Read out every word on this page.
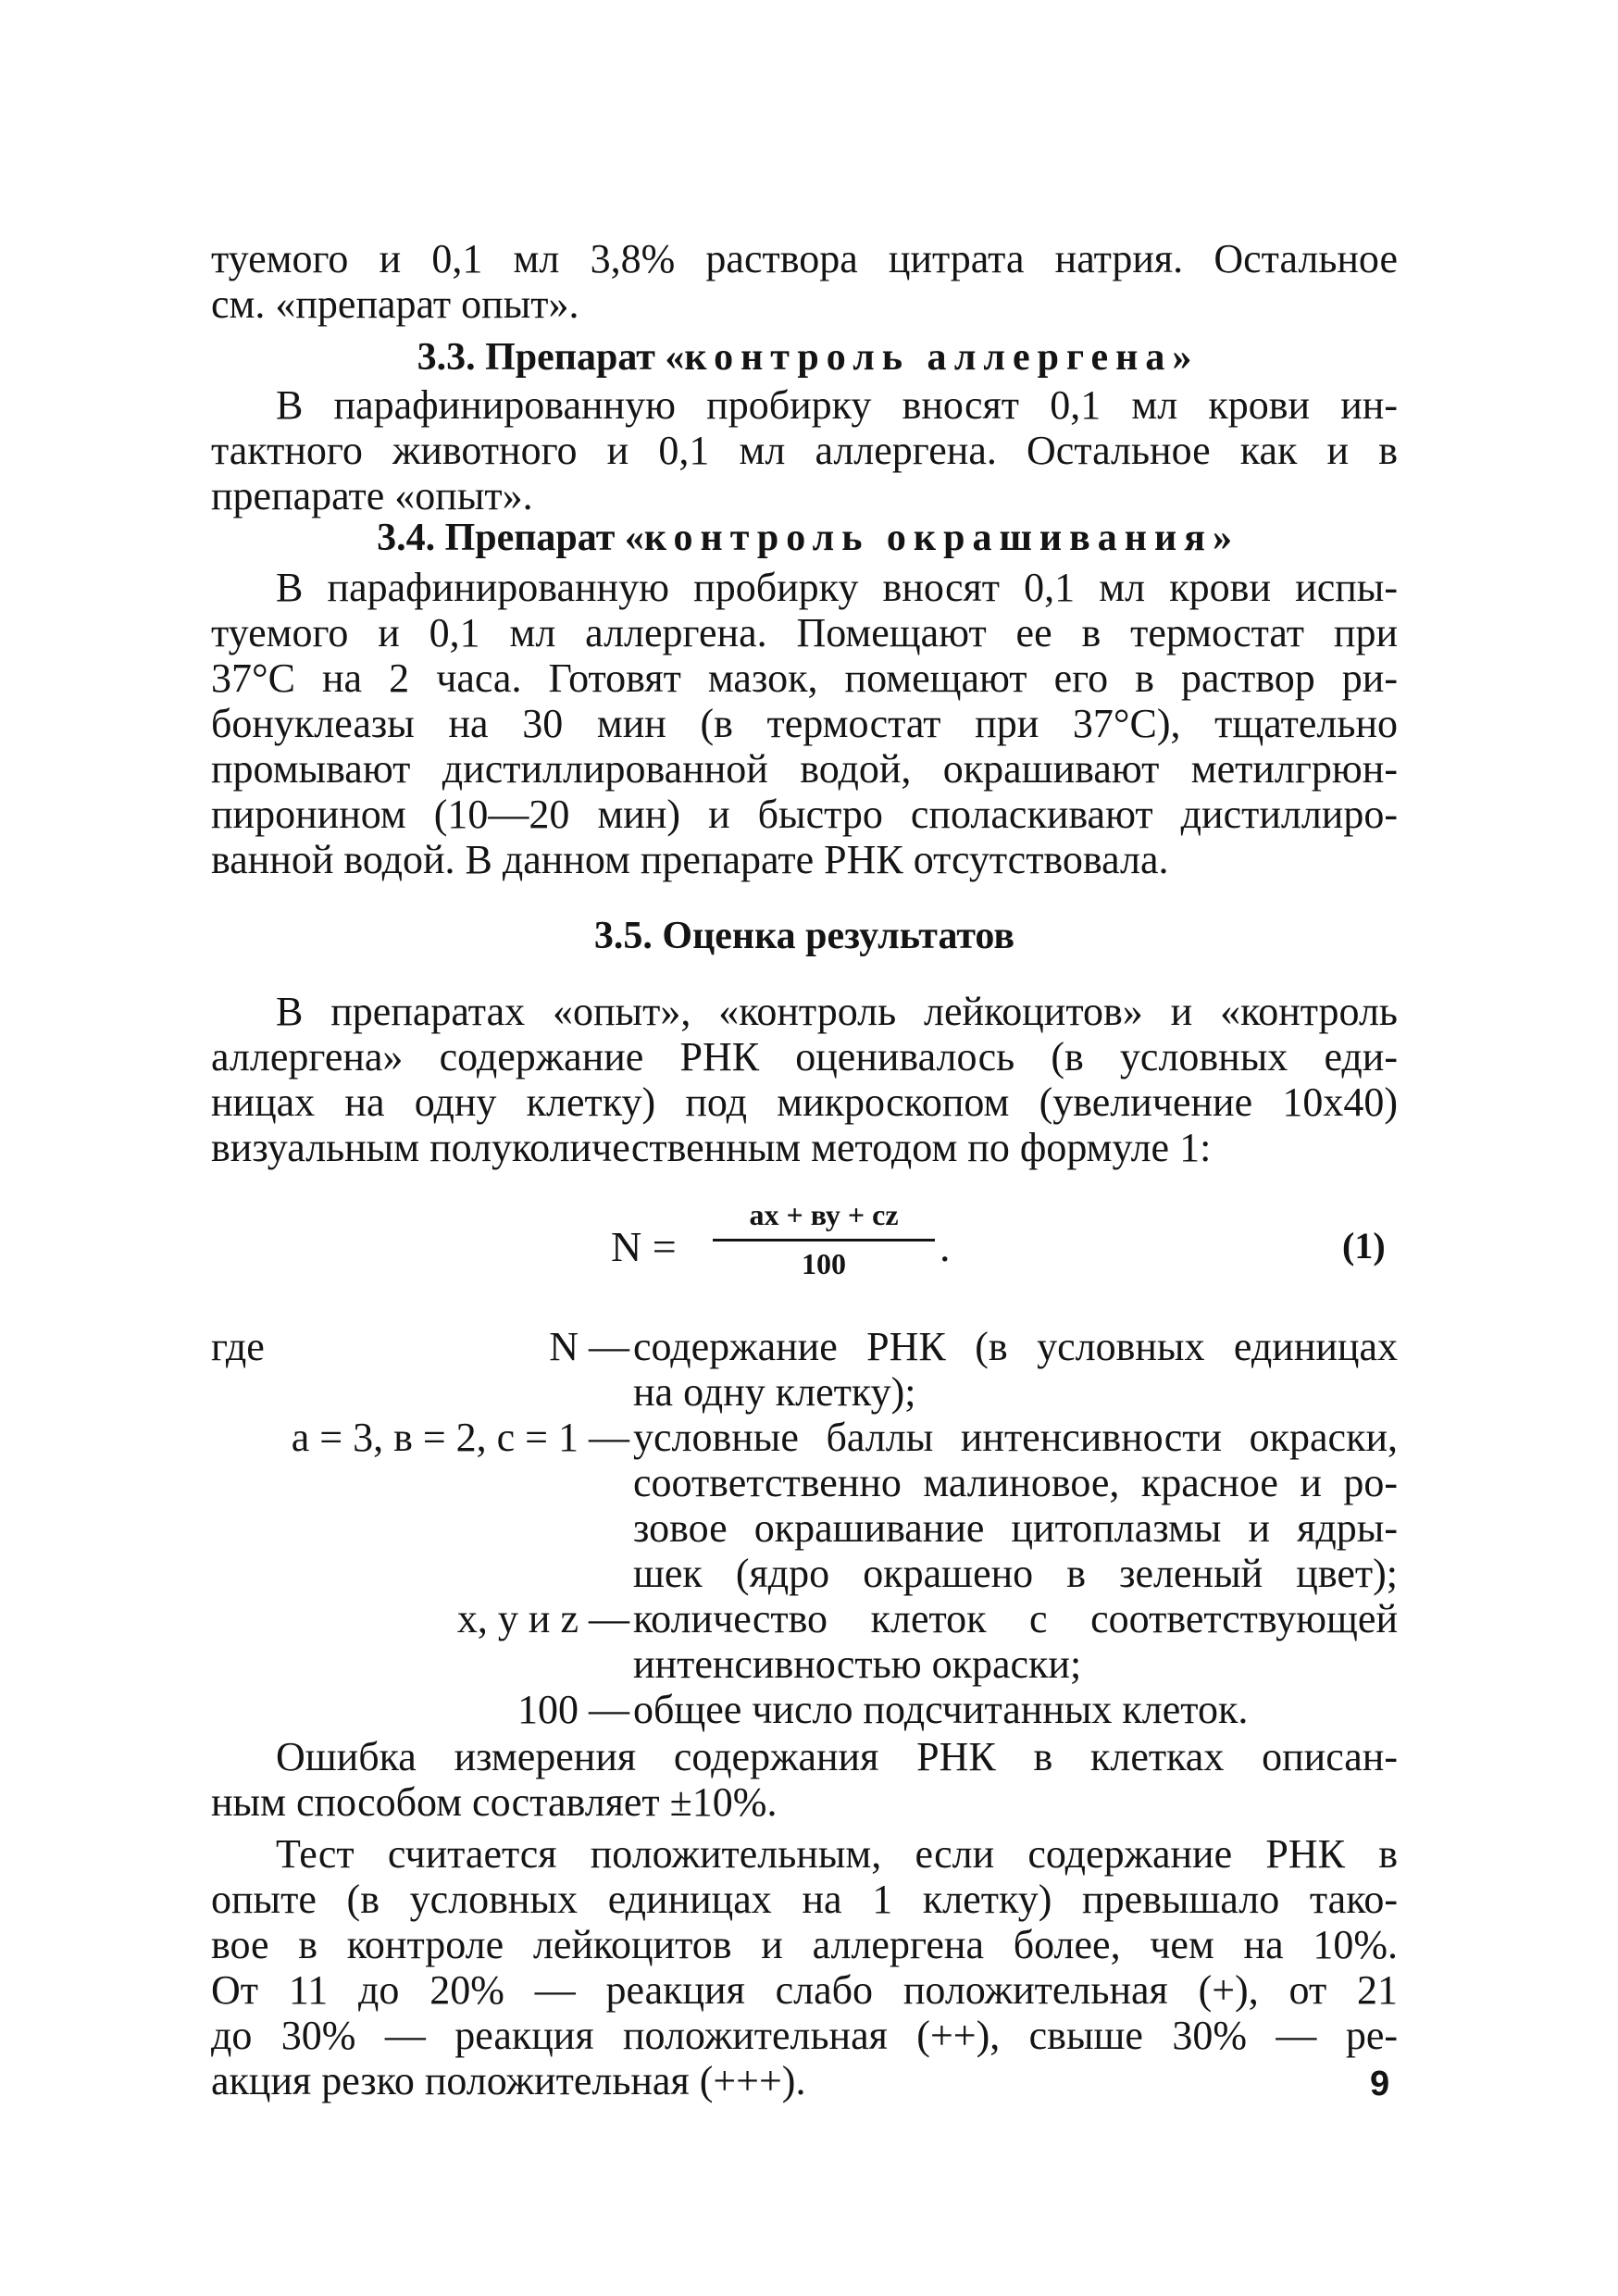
туемого и 0,1 мл 3,8% раствора цитрата натрия. Остальное
см. «препарат опыт».
3.3. Препарат «контроль аллергена»
В парафинированную пробирку вносят 0,1 мл крови ин-
тактного животного и 0,1 мл аллергена. Остальное как и в
препарате «опыт».
3.4. Препарат «контроль окрашивания»
В парафинированную пробирку вносят 0,1 мл крови испы-
туемого и 0,1 мл аллергена. Помещают ее в термостат при
37°С на 2 часа. Готовят мазок, помещают его в раствор ри-
бонуклеазы на 30 мин (в термостат при 37°С), тщательно
промывают дистиллированной водой, окрашивают метилгрюн-
пиронином (10—20 мин) и быстро споласкивают дистиллиро-
ванной водой. В данном препарате РНК отсутствовала.
3.5. Оценка результатов
В препаратах «опыт», «контроль лейкоцитов» и «контроль
аллергена» содержание РНК оценивалось (в условных еди-
ницах на одну клетку) под микроскопом (увеличение 10х40)
визуальным полуколичественным методом по формуле 1:
N =
ax + ву + cz
100	.	(1)
где	N — содержание РНК (в условных единицах
на одну клетку);
а = 3, в = 2, с = 1 — условные баллы интенсивности окраски,
соответственно малиновое, красное и ро-
зовое окрашивание цитоплазмы и ядры-
шек (ядро окрашено в зеленый цвет);
x, у и z — количество клеток с соответствующей
интенсивностью окраски;
100 — общее число подсчитанных клеток.
Ошибка измерения содержания РНК в клетках описан-
ным способом составляет ±10%.
Тест считается положительным, если содержание РНК в
опыте (в условных единицах на 1 клетку) превышало тако-
вое в контроле лейкоцитов и аллергена более, чем на 10%.
От 11 до 20% — реакция слабо положительная (+), от 21
до 30% — реакция положительная (++), свыше 30% — ре-
акция резко положительная (+++).	9
